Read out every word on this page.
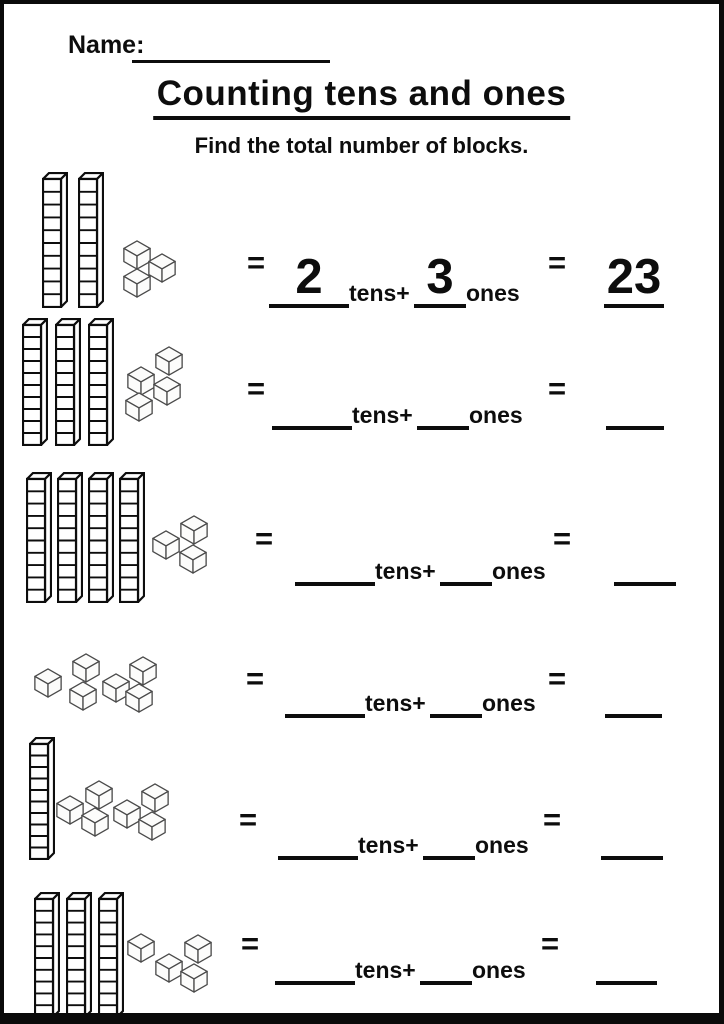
Name:
Counting tens and ones
Find the total number of blocks.
= 2	tens+ 3 ones
= 23
=
tens+ ones
=
=
tens+ ones
=
=
tens+ ones
=
=
tens+ ones
=
=
tens+ ones
=
